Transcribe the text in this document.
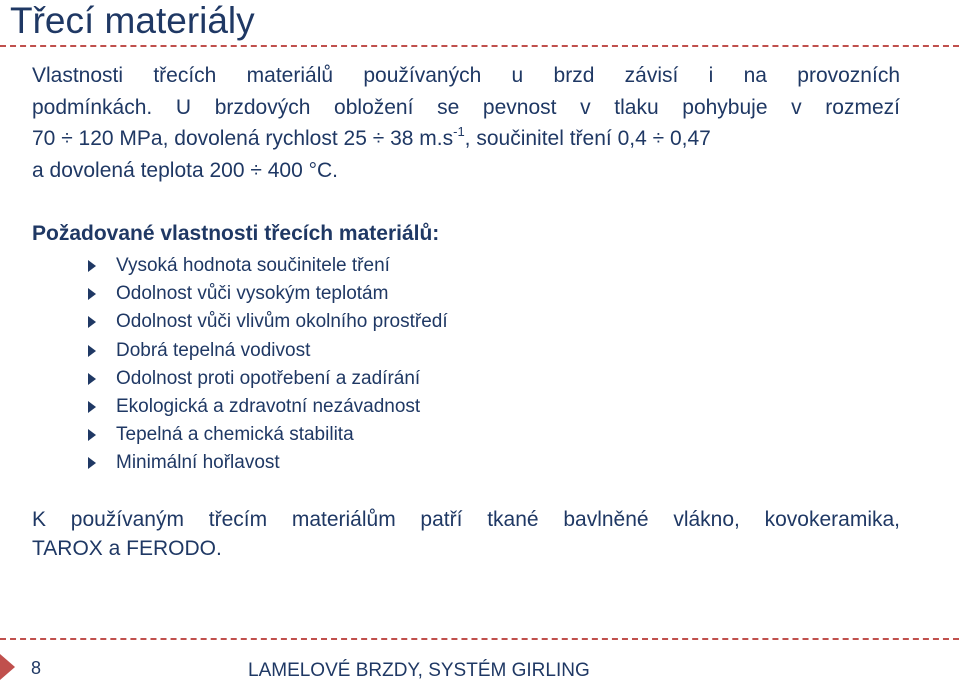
Třecí materiály
Vlastnosti třecích materiálů používaných u brzd závisí i na provozních
podmínkách. U brzdových obložení se pevnost v tlaku pohybuje v rozmezí
70 ÷ 120 MPa, dovolená rychlost 25 ÷ 38 $m.s^{-1}$, součinitel tření 0,4 ÷ 0,47
a dovolená teplota 200 ÷ 400 °C.
Požadované vlastnosti třecích materiálů:
Vysoká hodnota součinitele tření
Odolnost vůči vysokým teplotám
Odolnost vůči vlivům okolního prostředí
Dobrá tepelná vodivost
Odolnost proti opotřebení a zadírání
Ekologická a zdravotní nezávadnost
Tepelná a chemická stabilita
Minimální hořlavost
K používaným třecím materiálům patří tkané bavlněné vlákno, kovokeramika,
TAROX a FERODO.
8	LAMELOVÉ BRZDY, SYSTÉM GIRLING
